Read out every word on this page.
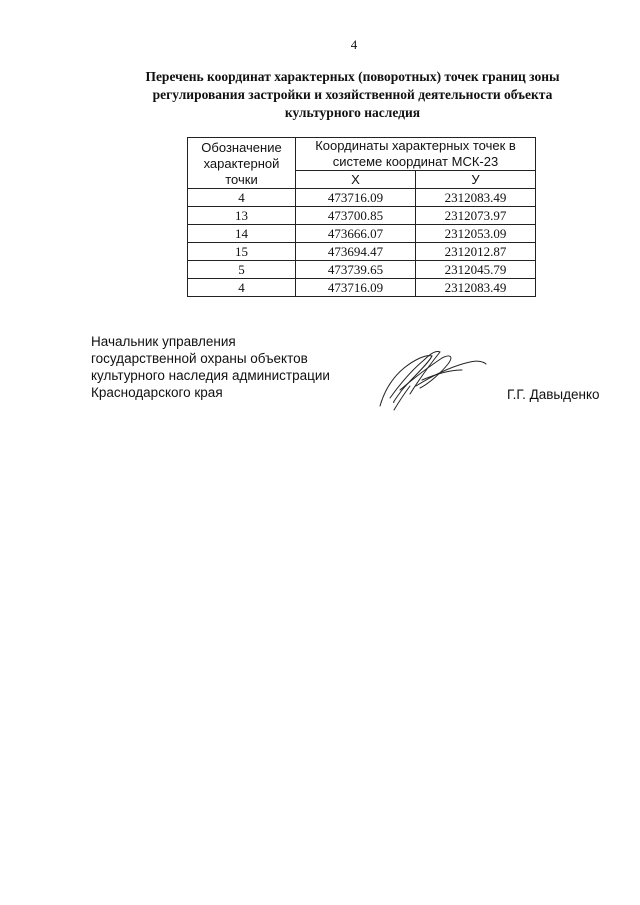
4
Перечень координат характерных (поворотных) точек границ зоны
регулирования застройки и хозяйственной деятельности объекта
культурного наследия
Обозначение
характерной
точки	Координаты характерных точек в
системе координат МСК-23	

	X	У
4	473716.09	2312083.49
13	473700.85	2312073.97
14	473666.07	2312053.09
15	473694.47	2312012.87
5	473739.65	2312045.79
4	473716.09	2312083.49
Начальник управления
государственной охраны объектов
культурного наследия администрации
Краснодарского края	Г.Г. Давыденко
